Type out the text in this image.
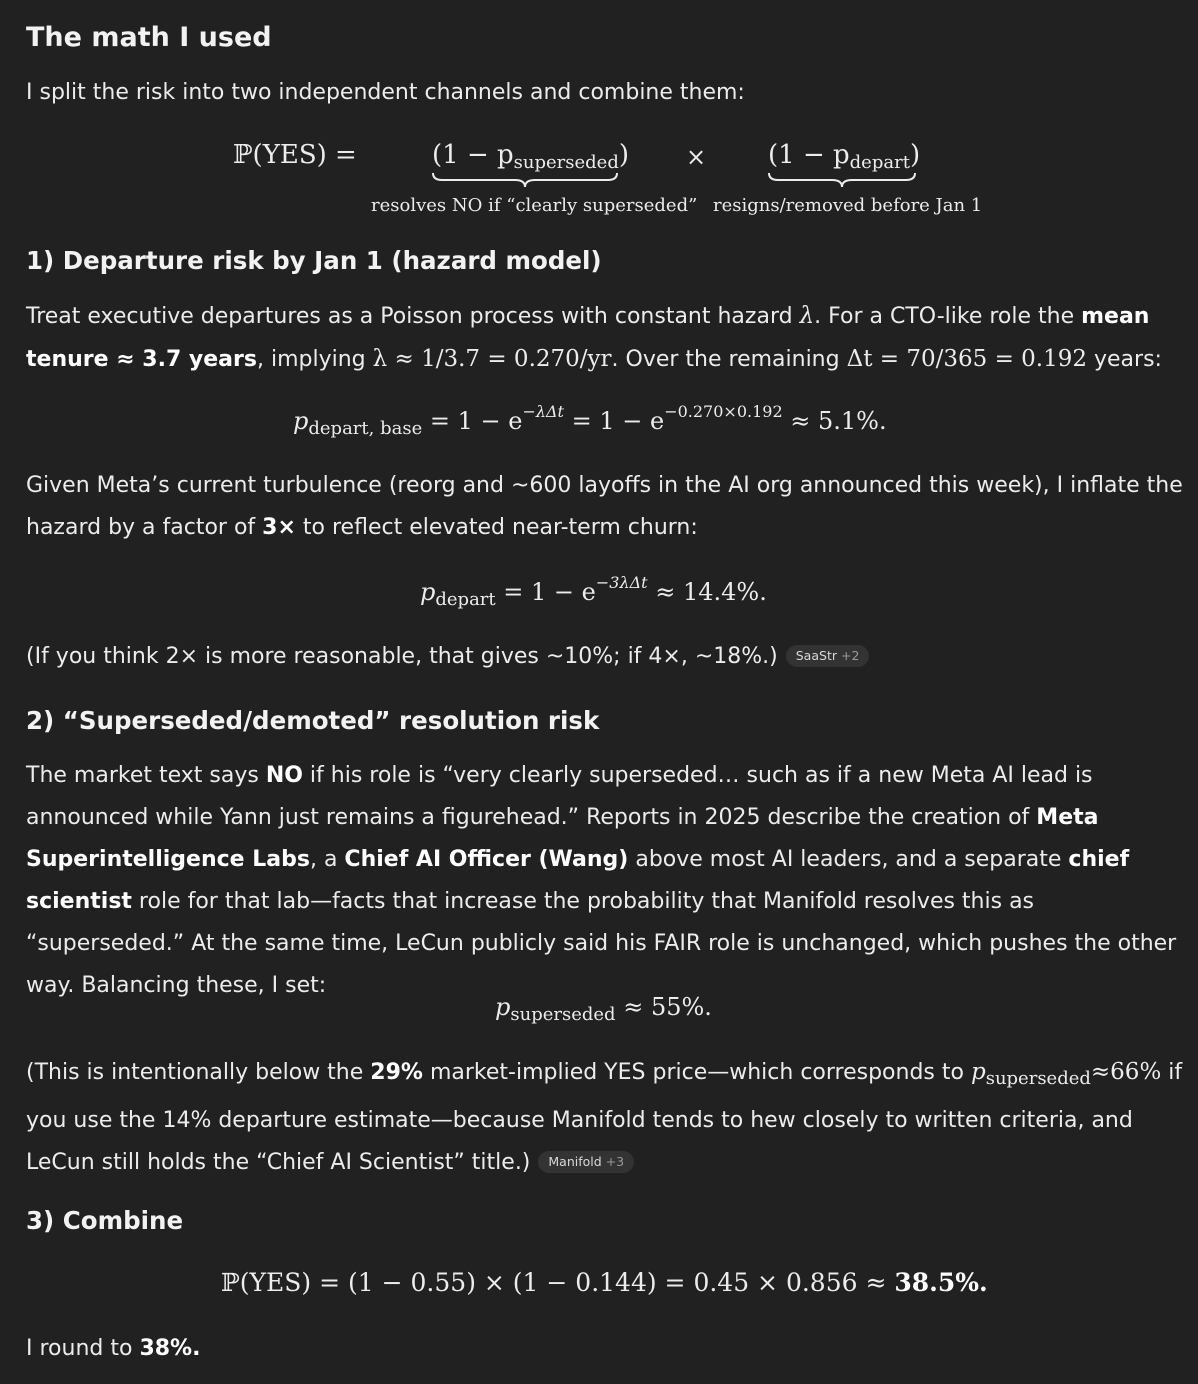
The math I used
I split the risk into two independent channels and combine them:
ℙ(YES) =	$(1 - p_{superseded})$
resolves NO if “clearly superseded”
× $(1 - p_{depart})$
resigns/removed before Jan 1
1) Departure risk by Jan 1 (hazard model)
Treat executive departures as a Poisson process with constant hazard λ. For a CTO-like role the mean tenure ≈ 3.7 years, implying λ ≈ 1/3.7 = 0.270/yr. Over the remaining Δt = 70/365 = 0.192 years:
$p_{depart, base} = 1 - e^{-\lambda\Delta t} = 1 - e^{-0.270\times 0.192} \approx 5.1\%$.
Given Meta’s current turbulence (reorg and ~600 layoffs in the AI org announced this week), I inflate the hazard by a factor of 3× to reflect elevated near-term churn:
$p_{depart} = 1 - e^{-3\lambda\Delta t} \approx 14.4\%$.
(If you think 2× is more reasonable, that gives ~10%; if 4×, ~18%.) SaaStr +2
2) “Superseded/demoted” resolution risk
The market text says NO if his role is “very clearly superseded… such as if a new Meta AI lead is announced while Yann just remains a figurehead.” Reports in 2025 describe the creation of Meta Superintelligence Labs, a Chief AI Officer (Wang) above most AI leaders, and a separate chief scientist role for that lab—facts that increase the probability that Manifold resolves this as “superseded.” At the same time, LeCun publicly said his FAIR role is unchanged, which pushes the other way. Balancing these, I set:
$p_{superseded} \approx 55\%$.
(This is intentionally below the 29% market-implied YES price—which corresponds to $p_{superseded}\approx 66\%$ if you use the 14% departure estimate—because Manifold tends to hew closely to written criteria, and LeCun still holds the “Chief AI Scientist” title.) Manifold +3
3) Combine
ℙ(YES) = (1 − 0.55) × (1 − 0.144) = 0.45 × 0.856 ≈ 38.5%.
I round to 38%.
